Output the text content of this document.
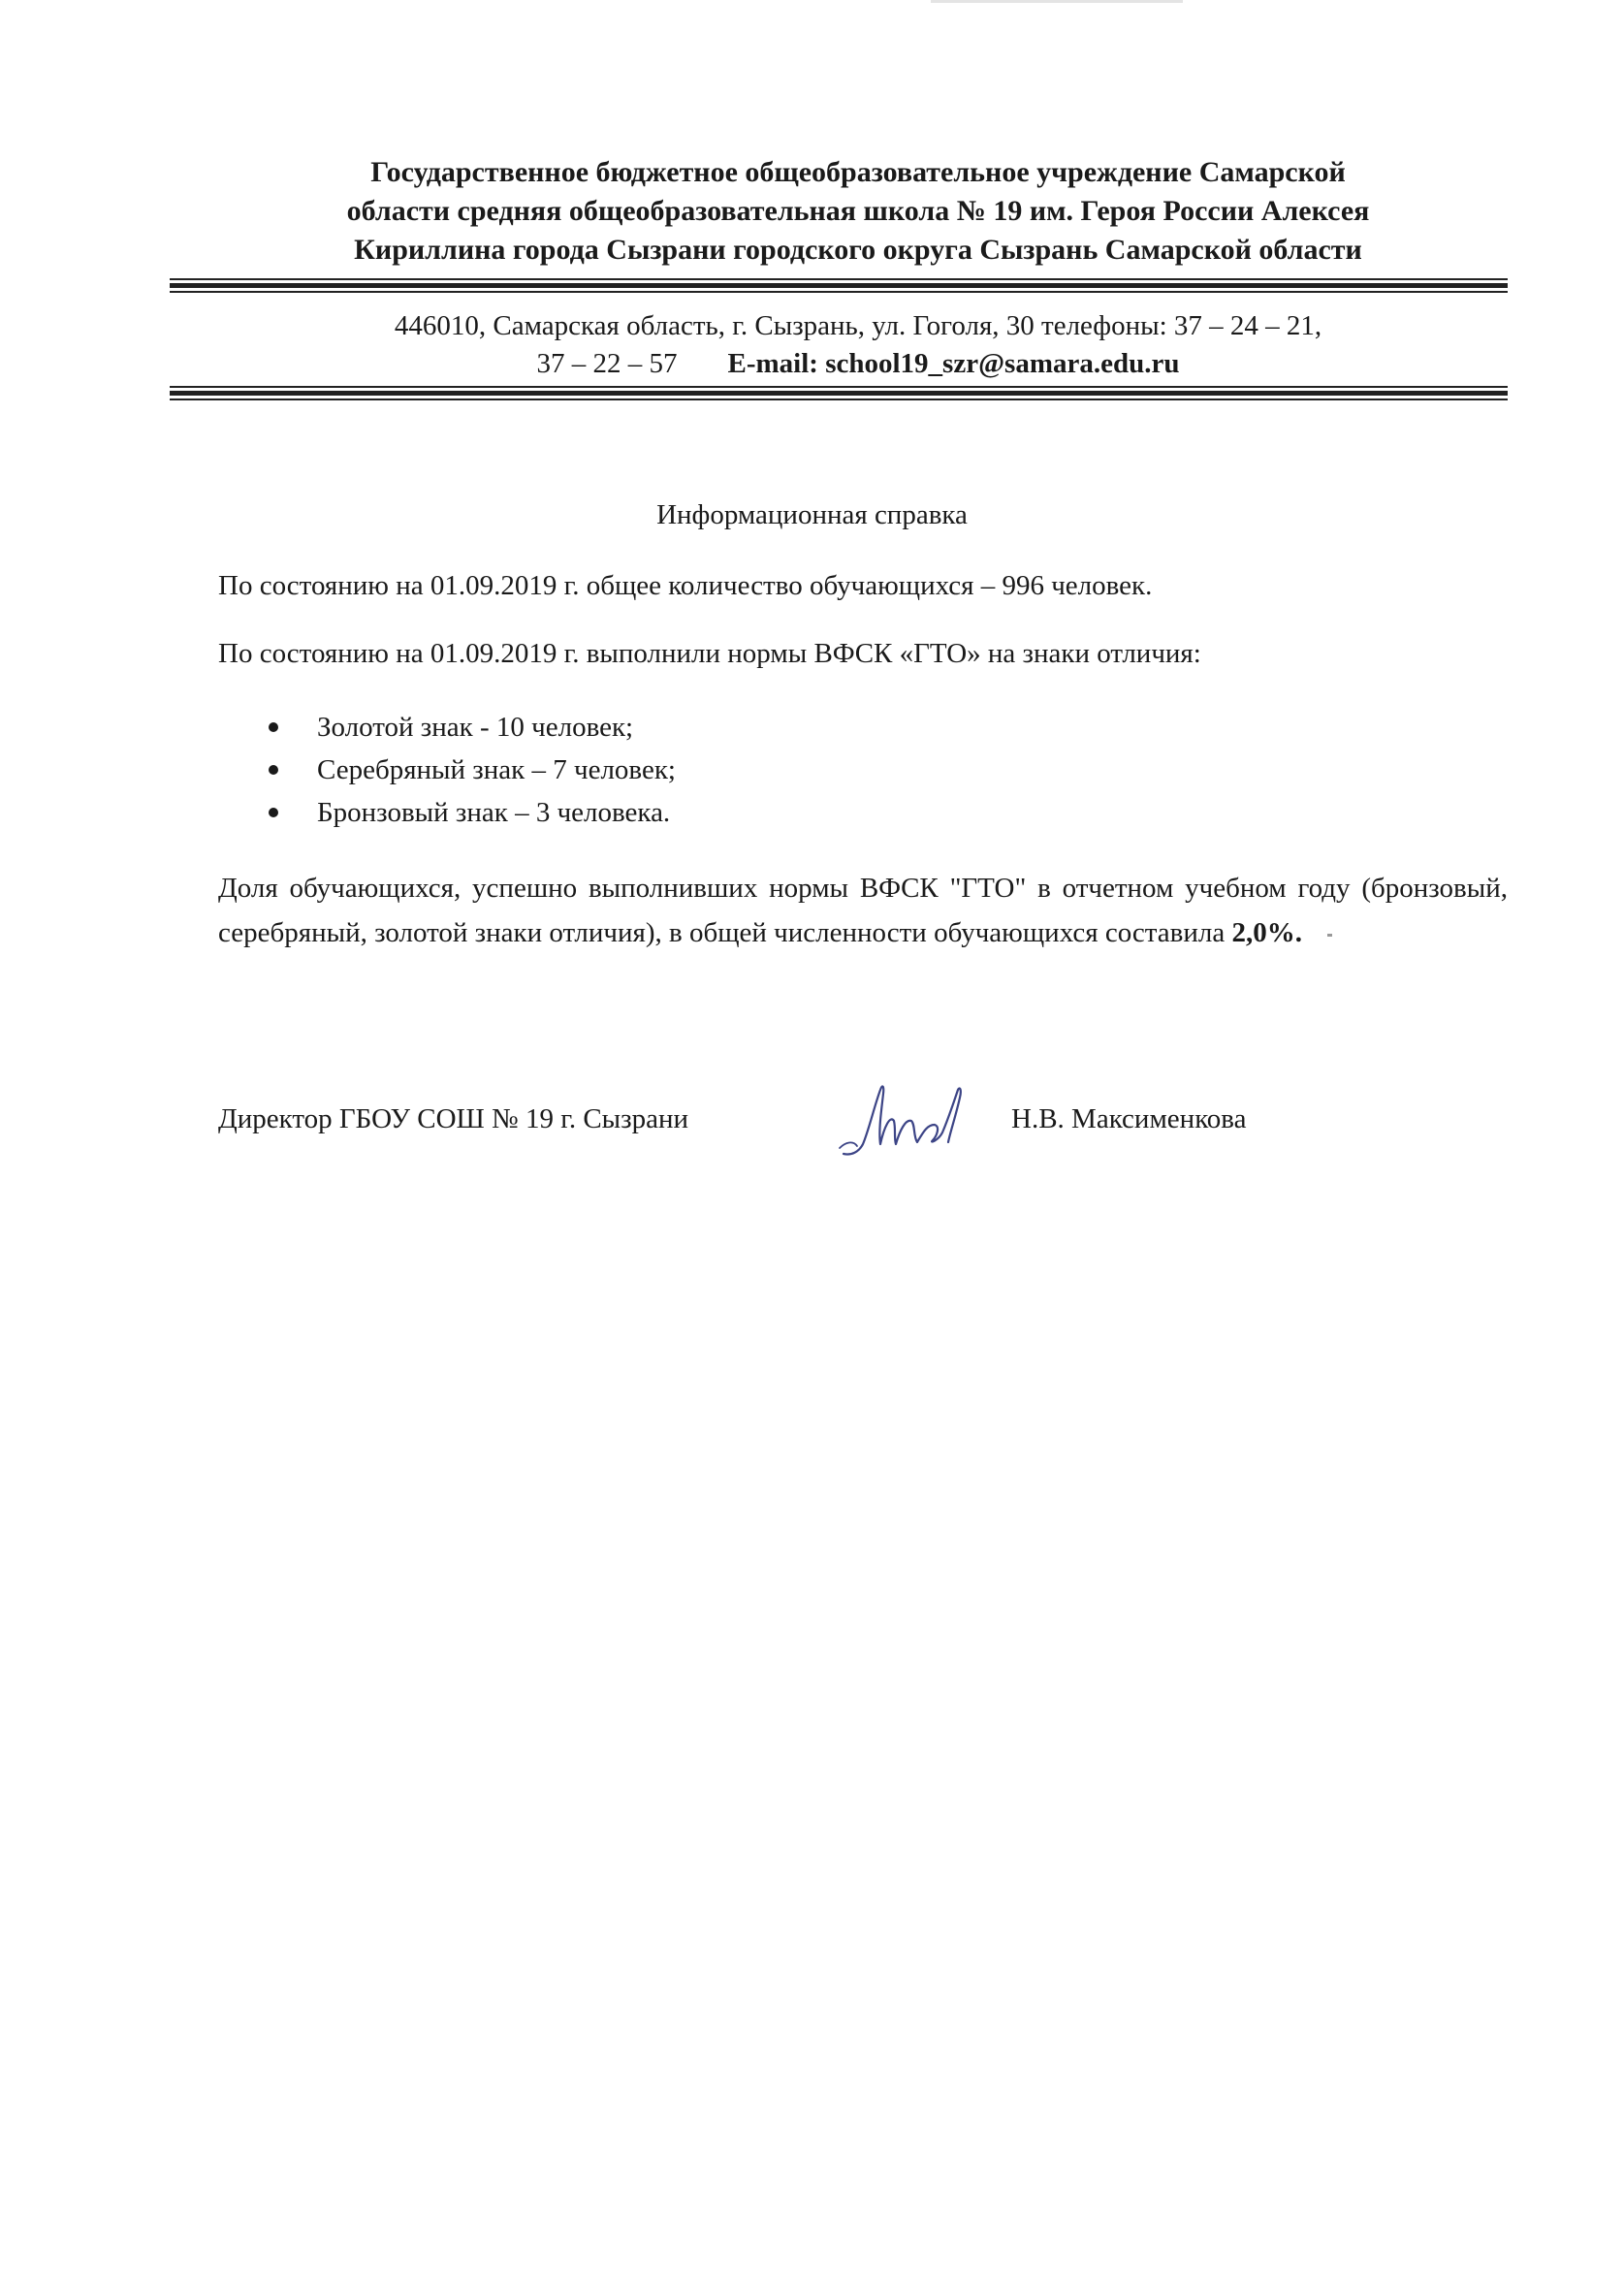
Государственное бюджетное общеобразовательное учреждение Самарской
области средняя общеобразовательная школа № 19 им. Героя России Алексея
Кириллина города Сызрани городского округа Сызрань Самарской области
446010, Самарская область, г. Сызрань, ул. Гоголя, 30 телефоны: 37 – 24 – 21,
37 – 22 – 57 E-mail: school19_szr@samara.edu.ru
Информационная справка
По состоянию на 01.09.2019 г. общее количество обучающихся – 996 человек.
По состоянию на 01.09.2019 г. выполнили нормы ВФСК «ГТО» на знаки отличия:
Золотой знак - 10 человек;
Серебряный знак – 7 человек;
Бронзовый знак – 3 человека.
Доля обучающихся, успешно выполнивших нормы ВФСК "ГТО" в отчетном учебном году (бронзовый, серебряный, золотой знаки отличия), в общей численности обучающихся составила 2,0%.
Директор ГБОУ СОШ № 19 г. Сызрани	Н.В. Максименкова
